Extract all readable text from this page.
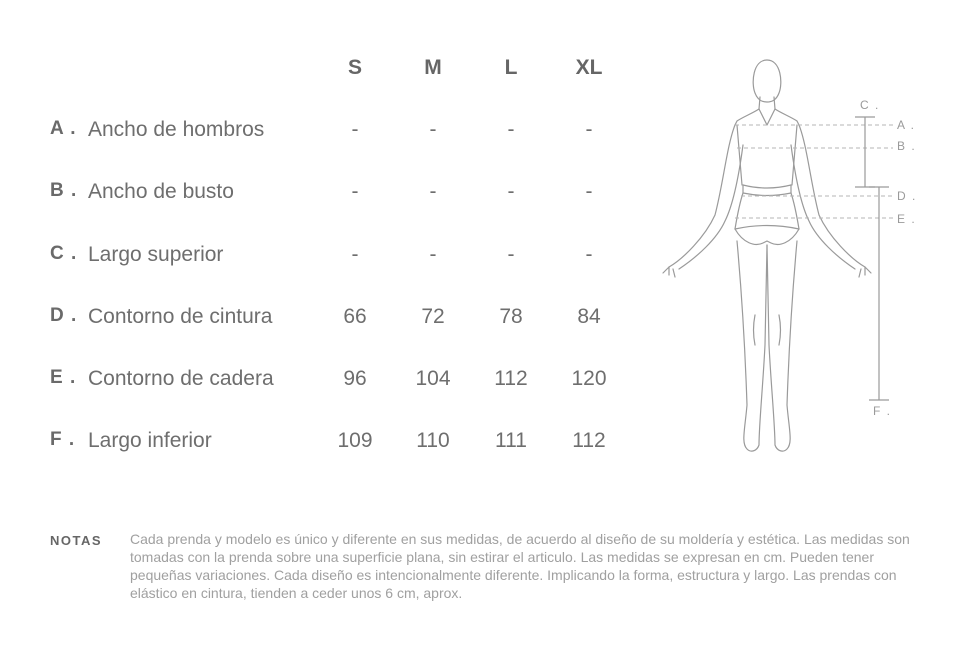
S	M	L	XL
A . Ancho de hombros	-	-	-	-
B . Ancho de busto	-	-	-	-
C . Largo superior	-	-	-	-
D . Contorno de cintura	66	72	78	84
E . Contorno de cadera	96	104	112	120
F . Largo inferior	109	110	111	112
C .
A .
B .
D .
E .
F .
NOTAS Cada prenda y modelo es único y diferente en sus medidas, de acuerdo al diseño de su moldería y estética. Las medidas son tomadas con la prenda sobre una superficie plana, sin estirar el articulo. Las medidas se expresan en cm. Pueden tener pequeñas variaciones. Cada diseño es intencionalmente diferente. Implicando la forma, estructura y largo. Las prendas con elástico en cintura, tienden a ceder unos 6 cm, aprox.
